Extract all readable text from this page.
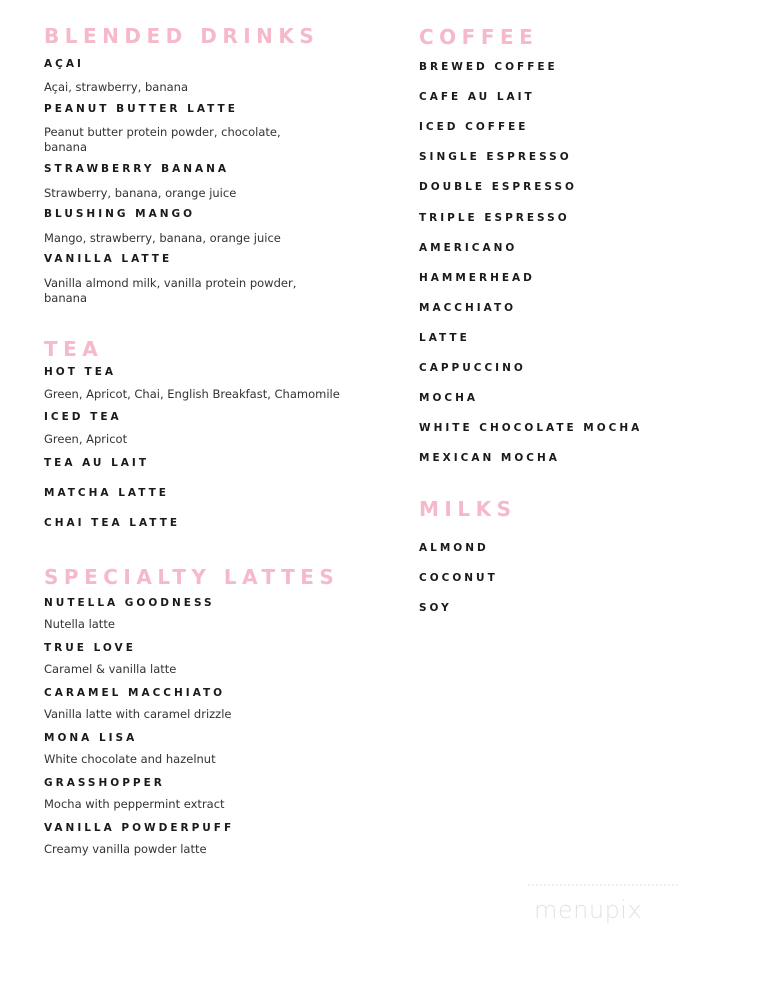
BLENDED DRINKS
AÇAI
Açai, strawberry, banana
PEANUT BUTTER LATTE
Peanut butter protein powder, chocolate, banana
STRAWBERRY BANANA
Strawberry, banana, orange juice
BLUSHING MANGO
Mango, strawberry, banana, orange juice
VANILLA LATTE
Vanilla almond milk, vanilla protein powder, banana
TEA
HOT TEA
Green, Apricot, Chai, English Breakfast, Chamomile
ICED TEA
Green, Apricot
TEA AU LAIT
MATCHA LATTE
CHAI TEA LATTE
SPECIALTY LATTES
NUTELLA GOODNESS
Nutella latte
TRUE LOVE
Caramel & vanilla latte
CARAMEL MACCHIATO
Vanilla latte with caramel drizzle
MONA LISA
White chocolate and hazelnut
GRASSHOPPER
Mocha with peppermint extract
VANILLA POWDERPUFF
Creamy vanilla powder latte
COFFEE
BREWED COFFEE
CAFE AU LAIT
ICED COFFEE
SINGLE ESPRESSO
DOUBLE ESPRESSO
TRIPLE ESPRESSO
AMERICANO
HAMMERHEAD
MACCHIATO
LATTE
CAPPUCCINO
MOCHA
WHITE CHOCOLATE MOCHA
MEXICAN MOCHA
MILKS
ALMOND
COCONUT
SOY
menupix
